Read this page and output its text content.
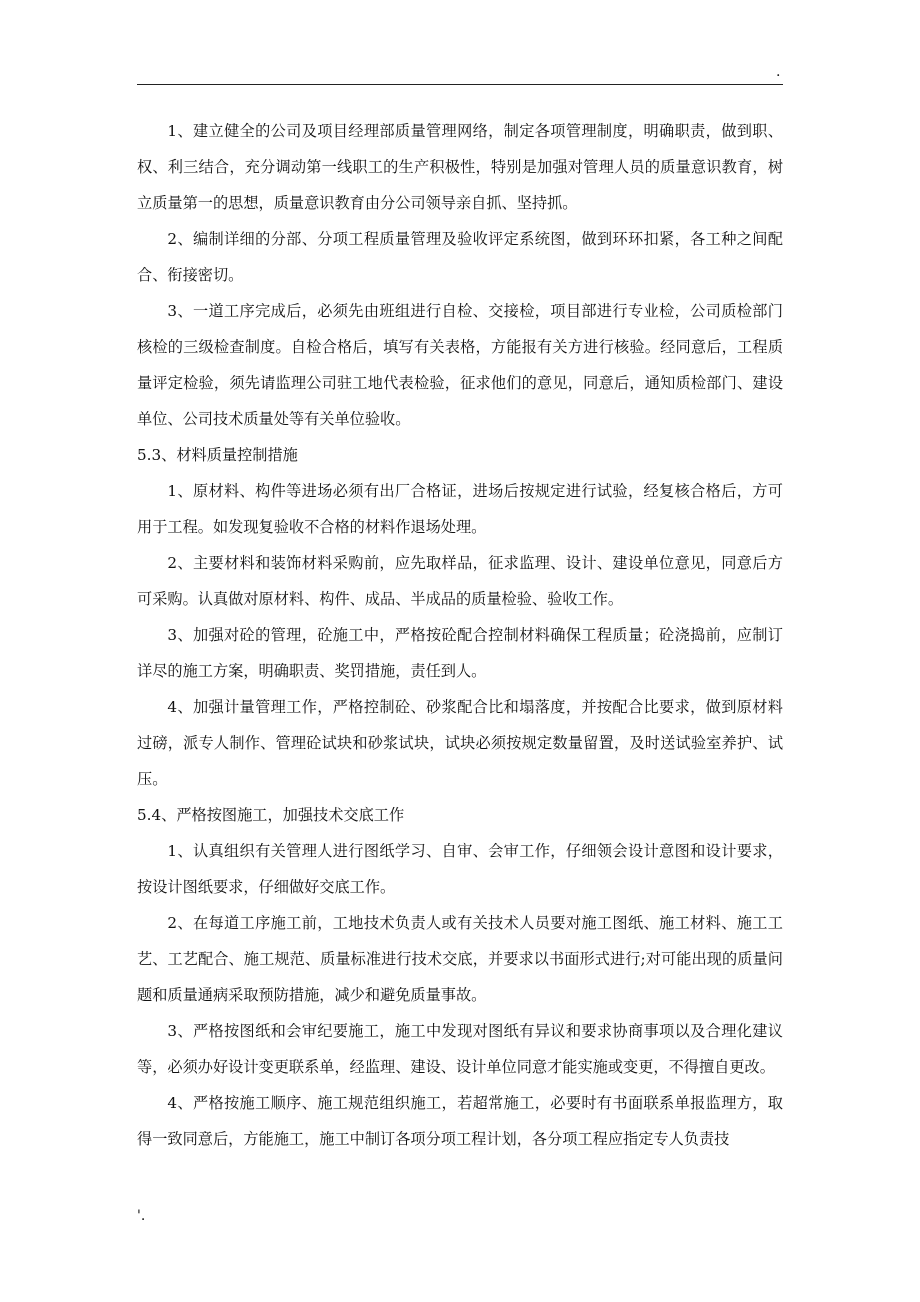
.

1、建立健全的公司及项目经理部质量管理网络，制定各项管理制度，明确职责，做到职、权、利三结合，充分调动第一线职工的生产积极性，特别是加强对管理人员的质量意识教育，树立质量第一的思想，质量意识教育由分公司领导亲自抓、坚持抓。

2、编制详细的分部、分项工程质量管理及验收评定系统图，做到环环扣紧，各工种之间配合、衔接密切。

3、一道工序完成后，必须先由班组进行自检、交接检，项目部进行专业检，公司质检部门核检的三级检查制度。自检合格后，填写有关表格，方能报有关方进行核验。经同意后，工程质量评定检验，须先请监理公司驻工地代表检验，征求他们的意见，同意后，通知质检部门、建设单位、公司技术质量处等有关单位验收。

5.3、材料质量控制措施

1、原材料、构件等进场必须有出厂合格证，进场后按规定进行试验，经复核合格后，方可用于工程。如发现复验收不合格的材料作退场处理。

2、主要材料和装饰材料采购前，应先取样品，征求监理、设计、建设单位意见，同意后方可采购。认真做对原材料、构件、成品、半成品的质量检验、验收工作。

3、加强对砼的管理，砼施工中，严格按砼配合控制材料确保工程质量；砼浇捣前，应制订详尽的施工方案，明确职责、奖罚措施，责任到人。

4、加强计量管理工作，严格控制砼、砂浆配合比和塌落度，并按配合比要求，做到原材料过磅，派专人制作、管理砼试块和砂浆试块，试块必须按规定数量留置，及时送试验室养护、试压。

5.4、严格按图施工，加强技术交底工作

1、认真组织有关管理人进行图纸学习、自审、会审工作，仔细领会设计意图和设计要求，按设计图纸要求，仔细做好交底工作。

2、在每道工序施工前，工地技术负责人或有关技术人员要对施工图纸、施工材料、施工工艺、工艺配合、施工规范、质量标准进行技术交底，并要求以书面形式进行;对可能出现的质量问题和质量通病采取预防措施，减少和避免质量事故。

3、严格按图纸和会审纪要施工，施工中发现对图纸有异议和要求协商事项以及合理化建议等，必须办好设计变更联系单，经监理、建设、设计单位同意才能实施或变更，不得擅自更改。

4、严格按施工顺序、施工规范组织施工，若超常施工，必要时有书面联系单报监理方，取得一致同意后，方能施工，施工中制订各项分项工程计划，各分项工程应指定专人负责技

'.
